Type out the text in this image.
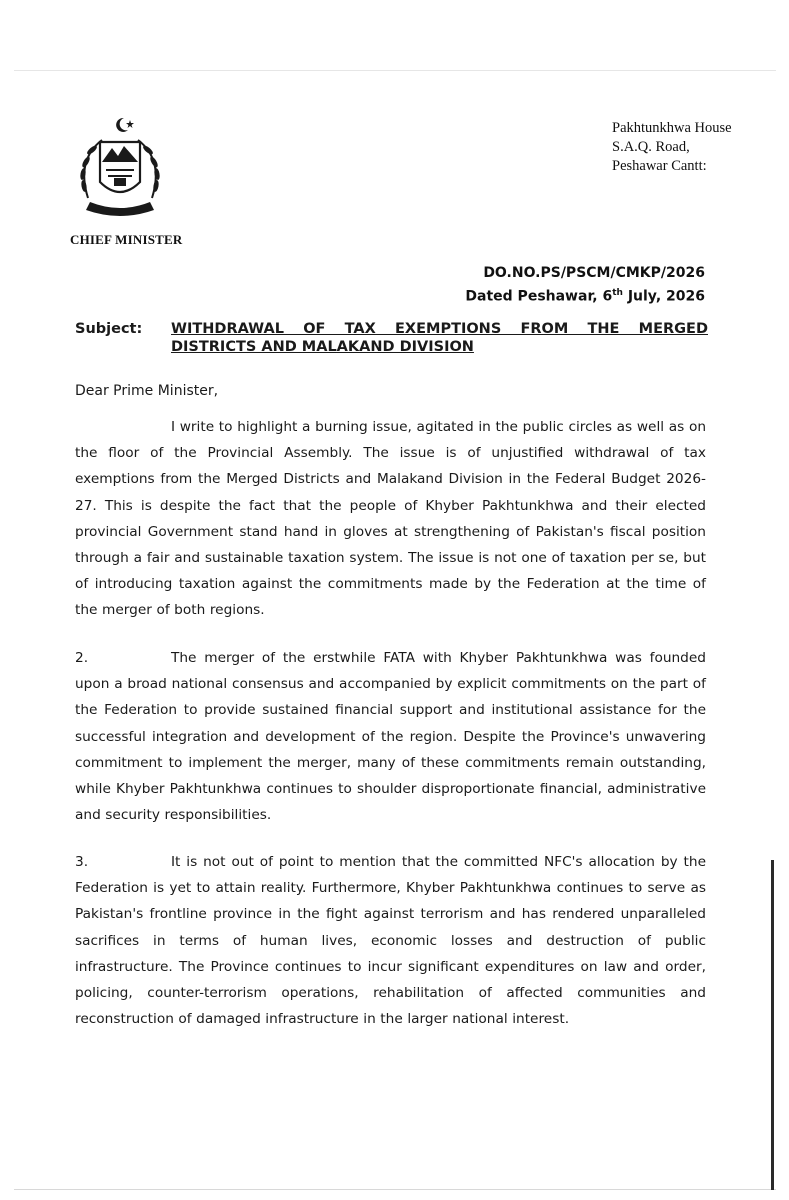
CHIEF MINISTER
Pakhtunkhwa House
S.A.Q. Road,
Peshawar Cantt:
DO.NO.PS/PSCM/CMKP/2026
Dated Peshawar, 6th July, 2026
Subject: WITHDRAWAL OF TAX EXEMPTIONS FROM THE MERGED DISTRICTS AND MALAKAND DIVISION
Dear Prime Minister,
I write to highlight a burning issue, agitated in the public circles as well as on the floor of the Provincial Assembly. The issue is of unjustified withdrawal of tax exemptions from the Merged Districts and Malakand Division in the Federal Budget 2026-27. This is despite the fact that the people of Khyber Pakhtunkhwa and their elected provincial Government stand hand in gloves at strengthening of Pakistan's fiscal position through a fair and sustainable taxation system. The issue is not one of taxation per se, but of introducing taxation against the commitments made by the Federation at the time of the merger of both regions.
2.	The merger of the erstwhile FATA with Khyber Pakhtunkhwa was founded upon a broad national consensus and accompanied by explicit commitments on the part of the Federation to provide sustained financial support and institutional assistance for the successful integration and development of the region. Despite the Province's unwavering commitment to implement the merger, many of these commitments remain outstanding, while Khyber Pakhtunkhwa continues to shoulder disproportionate financial, administrative and security responsibilities.
3.	It is not out of point to mention that the committed NFC's allocation by the Federation is yet to attain reality. Furthermore, Khyber Pakhtunkhwa continues to serve as Pakistan's frontline province in the fight against terrorism and has rendered unparalleled sacrifices in terms of human lives, economic losses and destruction of public infrastructure. The Province continues to incur significant expenditures on law and order, policing, counter-terrorism operations, rehabilitation of affected communities and reconstruction of damaged infrastructure in the larger national interest.
